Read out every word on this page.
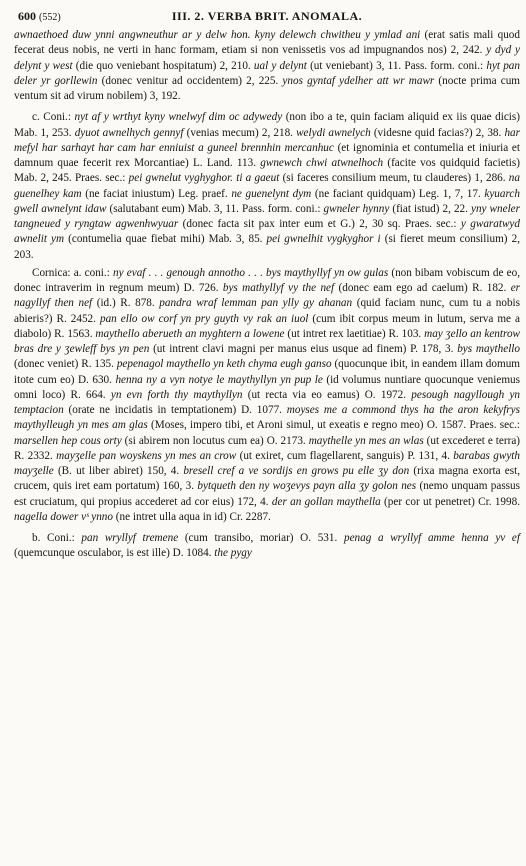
600 (552)	III. 2. VERBA BRIT. ANOMALA.

awnaethoed duw ynni angwneuthur ar y delw hon. kyny delewch chwitheu y ymlad ani (erat satis mali quod fecerat deus nobis, ne verti in hanc formam, etiam si non venissetis vos ad impugnandos nos) 2, 242. y dyd y delynt y west (die quo veniebant hospitatum) 2, 210. ual y delynt (ut veniebant) 3, 11. Pass. form. coni.: hyt pan deler yr gorllewin (donec venitur ad occidentem) 2, 225. ynos gyntaf ydelher att wr mawr (nocte prima cum ventum sit ad virum nobilem) 3, 192.

c. Coni.: nyt af y wrthyt kyny wnelwyf dim oc adywedy (non ibo a te, quin faciam aliquid ex iis quae dicis) Mab. 1, 253. dyuot awnelhych gennyf (venias mecum) 2, 218. welydi awnelych (videsne quid facias?) 2, 38. har mefyl har sarhayt har cam har enniuist a guneel brennhin mercanhuc (et ignominia et contumelia et iniuria et damnum quae fecerit rex Morcantiae) L. Land. 113. gwnewch chwi atwnelhoch (facite vos quidquid facietis) Mab. 2, 245. Praes. sec.: pei gwnelut vyghyghor. ti a gaeut (si faceres consilium meum, tu clauderes) 1, 286. na guenelhey kam (ne faciat iniustum) Leg. praef. ne guenelynt dym (ne faciant quidquam) Leg. 1, 7, 17. kyuarch gwell awnelynt idaw (salutabant eum) Mab. 3, 11. Pass. form. coni.: gwneler hynny (fiat istud) 2, 22. yny wneler tangneued y ryngtaw agwenhwyuar (donec facta sit pax inter eum et G.) 2, 30 sq. Praes. sec.: y gwaratwyd awnelit ym (contumelia quae fiebat mihi) Mab. 3, 85. pei gwnelhit vygkyghor i (si fieret meum consilium) 2, 203.

Cornica: a. coni.: ny evaf . . . genough annotho . . . bys maythyllyf yn ow gulas (non bibam vobiscum de eo, donec intraverim in regnum meum) D. 726. bys mathyllyf vy the nef (donec eam ego ad caelum) R. 182. er nagyllyf then nef (id.) R. 878. pandra wraf lemman pan ylly gy ahanan (quid faciam nunc, cum tu a nobis abieris?) R. 2452. pan ello ow corf yn pry guyth vy rak an iuol (cum ibit corpus meum in lutum, serva me a diabolo) R. 1563. maythello aberueth an myghtern a lowene (ut intret rex laetitiae) R. 103. may ʒello an kentrow bras dre y ʒewleff bys yn pen (ut intrent clavi magni per manus eius usque ad finem) P. 178, 3. bys maythello (donec veniet) R. 135. pepenagol maythello yn keth chyma eugh ganso (quocunque ibit, in eandem illam domum itote cum eo) D. 630. henna ny a vyn notye le maythyllyn yn pup le (id volumus nuntiare quocunque veniemus omni loco) R. 664. yn evn forth thy maythyllyn (ut recta via eo eamus) O. 1972. pesough nagyllough yn temptacion (orate ne incidatis in temptationem) D. 1077. moyses me a commond thys ha the aron kekyfrys maythylleugh yn mes am glas (Moses, impero tibi, et Aroni simul, ut exeatis e regno meo) O. 1587. Praes. sec.: marsellen hep cous orty (si abirem non locutus cum ea) O. 2173. maythelle yn mes an wlas (ut excederet e terra) R. 2332. mayʒelle pan woyskens yn mes an crow (ut exiret, cum flagellarent, sanguis) P. 131, 4. barabas gwyth mayʒelle (B. ut liber abiret) 150, 4. bresell cref a ve sordijs en grows pu elle ʒy don (rixa magna exorta est, crucem, quis iret eam portatum) 160, 3. bytqueth den ny woʒevys payn alla ʒy golon nes (nemo unquam passus est cruciatum, qui propius accederet ad cor eius) 172, 4. der an gollan maythella (per cor ut penetret) Cr. 1998. nagella dower vˢ ynno (ne intret ulla aqua in id) Cr. 2287.

b. Coni.: pan wryllyf tremene (cum transibo, moriar) O. 531. penag a wryllyf amme henna yv ef (quemcunque osculabor, is est ille) D. 1084. the pygy
